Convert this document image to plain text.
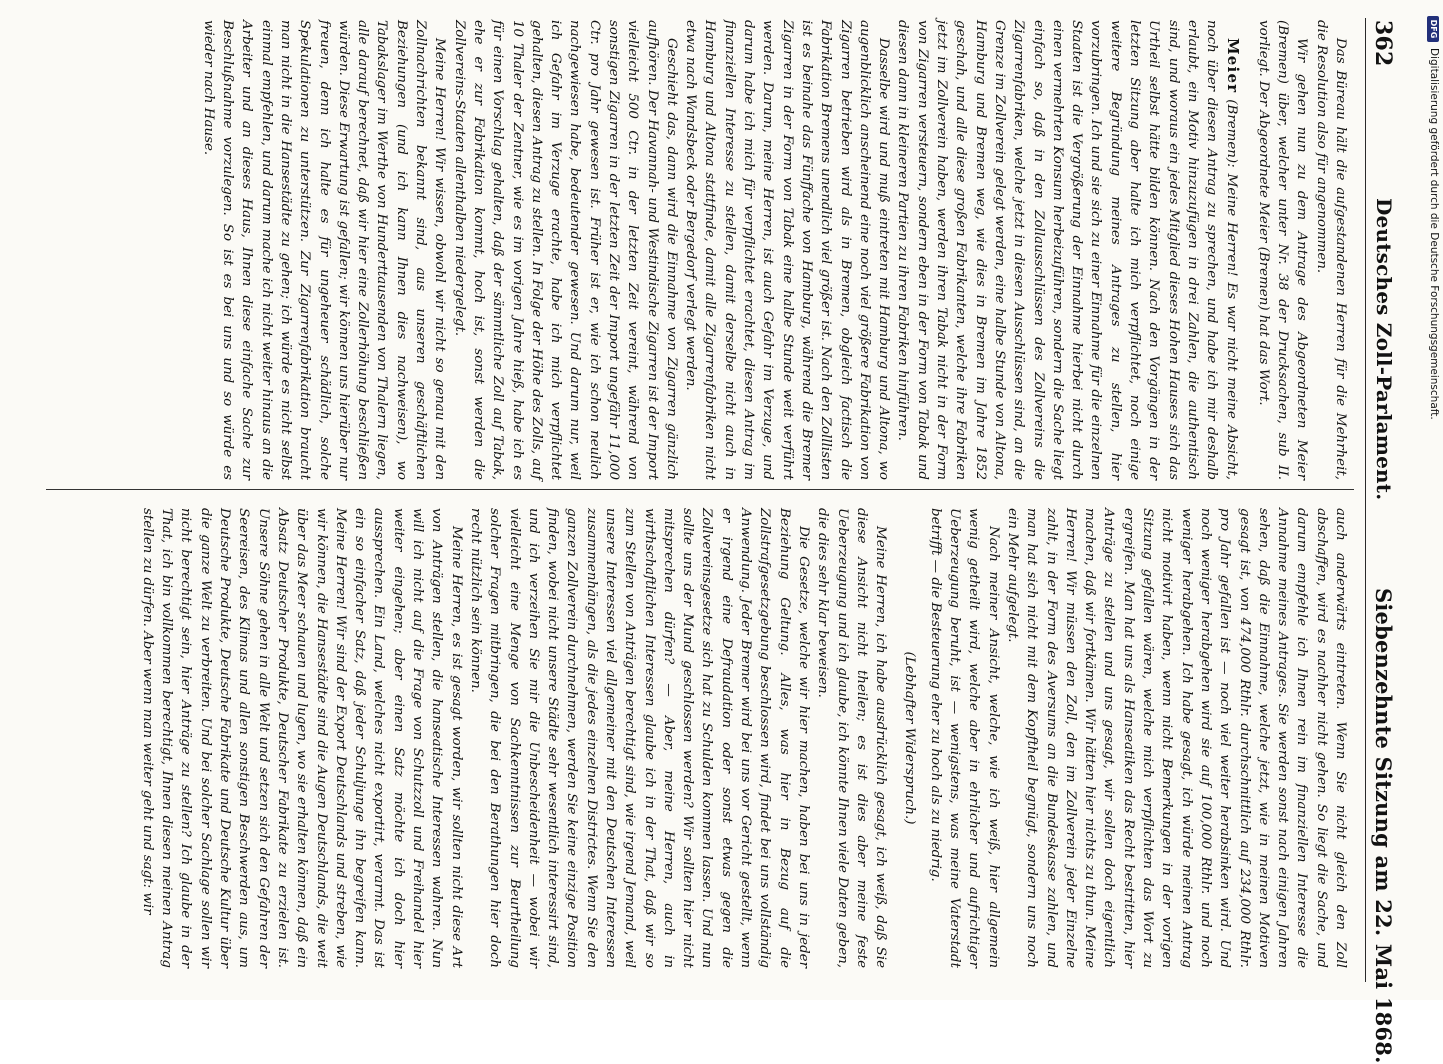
362
Deutsches Zoll-Parlament.
Siebenzehnte Sitzung am 22. Mai 1868.

Das Büreau hält die aufgestandenen Herren für die Mehrheit, die Resolution also für angenommen.

Wir gehen nun zu dem Antrage des Abgeordneten Meier (Bremen) über, welcher unter Nr. 38 der Drucksachen, sub II. vorliegt. Der Abgeordnete Meier (Bremen) hat das Wort.

Meier (Bremen): Meine Herren! Es war nicht meine Absicht, noch über diesen Antrag zu sprechen, und habe ich mir deshalb erlaubt, ein Motiv hinzuzufügen in drei Zahlen, die authentisch sind, und woraus ein jedes Mitglied dieses Hohen Hauses sich das Urtheil selbst hätte bilden können. Nach den Vorgängen in der letzten Sitzung aber halte ich mich verpflichtet, noch einige weitere Begründung meines Antrages zu stellen, hier vorzubringen. Ich und sie sich zu einer Einnahme für die einzelnen Staaten ist die Vergrößerung der Einnahme hierbei nicht durch einen vermehrten Konsum herbeizuführen, sondern die Sache liegt einfach so, daß in den Zollausschlüssen des Zollvereins die Zigarrenfabriken, welche jetzt in diesen Ausschlüssen sind, an die Grenze im Zollverein gelegt werden, eine halbe Stunde von Altona, Hamburg und Bremen weg, wie dies in Bremen im Jahre 1852 geschah, und alle diese großen Fabrikanten, welche ihre Fabriken jetzt im Zollverein haben, werden ihren Tabak nicht in der Form von Zigarren versteuern, sondern eben in der Form von Tabak und diesen dann in kleineren Partien zu ihren Fabriken hinführen.

Dasselbe wird und muß eintreten mit Hamburg und Altona, wo augenblicklich anscheinend eine noch viel größere Fabrikation von Zigarren betrieben wird als in Bremen, obgleich factisch die Fabrikation Bremens unendlich viel größer ist. Nach den Zolllisten ist es beinahe das Fünffache von Hamburg, während die Bremer Zigarren in der Form von Tabak eine halbe Stunde weit verführt werden. Darum, meine Herren, ist auch Gefahr im Verzuge, und darum habe ich mich für verpflichtet erachtet, diesen Antrag im finanziellen Interesse zu stellen, damit derselbe nicht auch in Hamburg und Altona stattfinde, damit alle Zigarrenfabriken nicht etwa nach Wandsbeck oder Bergedorf verlegt werden.

Geschieht das, dann wird die Einnahme von Zigarren gänzlich aufhören. Der Havannah- und Westindische Zigarren ist der Import vielleicht 500 Ctr. in der letzten Zeit vereint, während von sonstigen Zigarren in der letzten Zeit der Import ungefähr 11,000 Ctr. pro Jahr gewesen ist. Früher ist er, wie ich schon neulich nachgewiesen habe, bedeutender gewesen. Und darum nur, weil ich Gefahr im Verzuge erachte, habe ich mich verpflichtet gehalten, diesen Antrag zu stellen. In Folge der Höhe des Zolls, auf 10 Thaler der Zentner, wie es im vorigen Jahre hieß, habe ich es für einen Vorschlag gehalten, daß der sämmtliche Zoll auf Tabak, ehe er zur Fabrikation kommt, hoch ist, sonst werden die Zollvereins-Staaten allenthalben niedergelegt.

Meine Herren! Wir wissen, obwohl wir nicht so genau mit den Zollnachrichten bekannt sind, aus unseren geschäftlichen Beziehungen (und ich kann Ihnen dies nachweisen), wo Tabakslager im Werthe von Hunderttausenden von Thalern liegen, alle darauf berechnet, daß wir hier eine Zollerhöhung beschließen würden. Diese Erwartung ist gefallen; wir können uns hierüber nur freuen, denn ich halte es für ungeheuer schädlich, solche Spekulationen zu unterstützen. Zur Zigarrenfabrikation braucht man nicht in die Hansestädte zu gehen; ich würde es nicht selbst einmal empfehlen, und darum mache ich nicht weiter hinaus an die Arbeiter und an dieses Haus, Ihnen diese einfache Sache zur Beschlußnahme vorzulegen. So ist es bei uns und so würde es wieder nach Hause.

auch anderwärts eintreten. Wenn Sie nicht gleich den Zoll abschaffen, wird es nachher nicht gehen. So liegt die Sache, und darum empfehle ich Ihnen rein im finanziellen Interesse die Annahme meines Antrages. Sie werden sonst nach einigen Jahren sehen, daß die Einnahme, welche jetzt, wie in meinen Motiven gesagt ist, von 474,000 Rthlr. durchschnittlich auf 234,000 Rthlr. pro Jahr gefallen ist — noch viel weiter herabsinken wird. Und noch weniger herabgehen wird sie auf 100,000 Rthlr. und noch weniger herabgehen. Ich habe gesagt, ich würde meinen Antrag nicht motivirt haben, wenn nicht Bemerkungen in der vorigen Sitzung gefallen wären, welche mich verpflichten das Wort zu ergreifen. Man hat uns als Hanseatiken das Recht bestritten, hier Anträge zu stellen und uns gesagt, wir sollen doch eigentlich machen, daß wir fortkämen. Wir hätten hier nichts zu thun. Meine Herren! Wir müssen den Zoll, den im Zollverein jeder Einzelne zahlt, in der Form des Aversums an die Bundeskasse zahlen, und man hat sich nicht mit dem Kopftheil begnügt, sondern uns noch ein Mehr aufgelegt.

Nach meiner Ansicht, welche, wie ich weiß, hier allgemein wenig getheilt wird, welche aber in ehrlicher und aufrichtiger Ueberzeugung beruht, ist — wenigstens, was meine Vaterstadt betrifft — die Besteuerung eher zu hoch als zu niedrig.

(Lebhafter Widerspruch.)

Meine Herren, ich habe ausdrücklich gesagt, ich weiß, daß Sie diese Ansicht nicht theilen; es ist dies aber meine feste Ueberzeugung und ich glaube, ich könnte Ihnen viele Daten geben, die dies sehr klar beweisen.

Die Gesetze, welche wir hier machen, haben bei uns in jeder Beziehung Geltung. Alles, was hier in Bezug auf die Zollstrafgesetzgebung beschlossen wird, findet bei uns vollständig Anwendung. Jeder Bremer wird bei uns vor Gericht gestellt, wenn er irgend eine Defraudation oder sonst etwas gegen die Zollvereinsgesetze sich hat zu Schulden kommen lassen. Und nun sollte uns der Mund geschlossen werden? Wir sollten hier nicht mitsprechen dürfen? — Aber, meine Herren, auch in wirthschaftlichen Interessen glaube ich in der That, daß wir so zum Stellen von Anträgen berechtigt sind, wie irgend Jemand, weil unsere Interessen viel allgemeiner mit den Deutschen Interessen zusammenhängen, als die jedes einzelnen Districtes. Wenn Sie den ganzen Zollverein durchnehmen, werden Sie keine einzige Position finden, wobei nicht unsere Städte sehr wesentlich interessirt sind, und ich verzeihen Sie mir die Unbescheidenheit — wobei wir vielleicht eine Menge von Sachkenntnissen zur Beurtheilung solcher Fragen mitbringen, die bei den Berathungen hier doch recht nützlich sein können.

Meine Herren, es ist gesagt worden, wir sollten nicht diese Art von Anträgen stellen, die hanseatische Interessen wahren. Nun will ich nicht auf die Frage von Schutzzoll und Freihandel hier weiter eingehen; aber einen Satz möchte ich doch hier aussprechen. Ein Land, welches nicht exportirt, verarmt. Das ist ein so einfacher Satz, daß jeder Schuljunge ihn begreifen kann. Meine Herren! Wir sind der Export Deutschlands und streben, wie wir können, die Hansestädte sind die Augen Deutschlands, die weit über das Meer schauen und lugen, wo sie erhalten können, daß ein Absatz Deutscher Produkte, Deutscher Fabrikate zu erzielen ist. Unsere Söhne gehen in alle Welt und setzen sich den Gefahren der Seereisen, des Klimas und allen sonstigen Beschwerden aus, um Deutsche Produkte, Deutsche Fabrikate und Deutsche Kultur über die ganze Welt zu verbreiten. Und bei solcher Sachlage sollen wir nicht berechtigt sein, hier Anträge zu stellen? Ich glaube in der That, ich bin vollkommen berechtigt, Ihnen diesen meinen Antrag stellen zu dürfen. Aber wenn man weiter geht und sagt: wir

DFG
Digitalisierung gefördert durch die Deutsche Forschungsgemeinschaft.
